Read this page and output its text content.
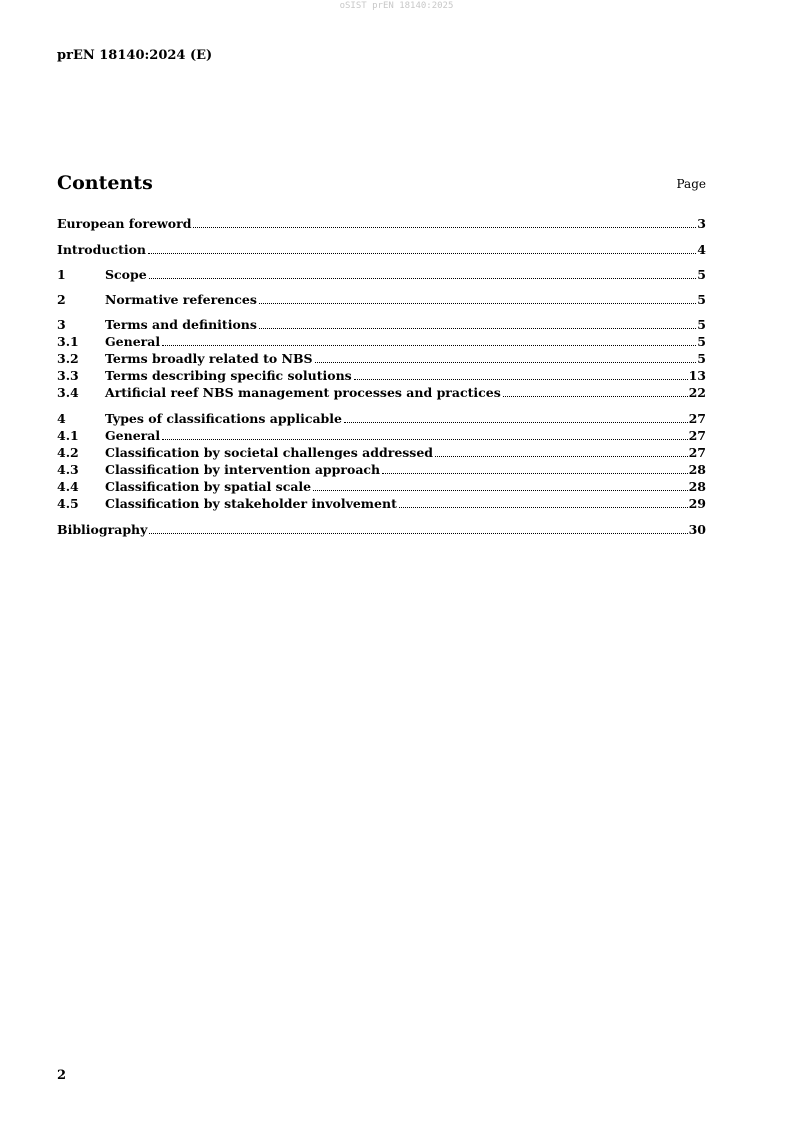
oSIST prEN 18140:2025
prEN 18140:2024 (E)
Contents	Page
European foreword	3
Introduction	4
1	Scope	5
2	Normative references	5
3	Terms and definitions	5
3.1	General	5
3.2	Terms broadly related to NBS	5
3.3	Terms describing specific solutions	13
3.4	Artificial reef NBS management processes and practices	22
4	Types of classifications applicable	27
4.1	General	27
4.2	Classification by societal challenges addressed	27
4.3	Classification by intervention approach	28
4.4	Classification by spatial scale	28
4.5	Classification by stakeholder involvement	29
Bibliography	30
2
